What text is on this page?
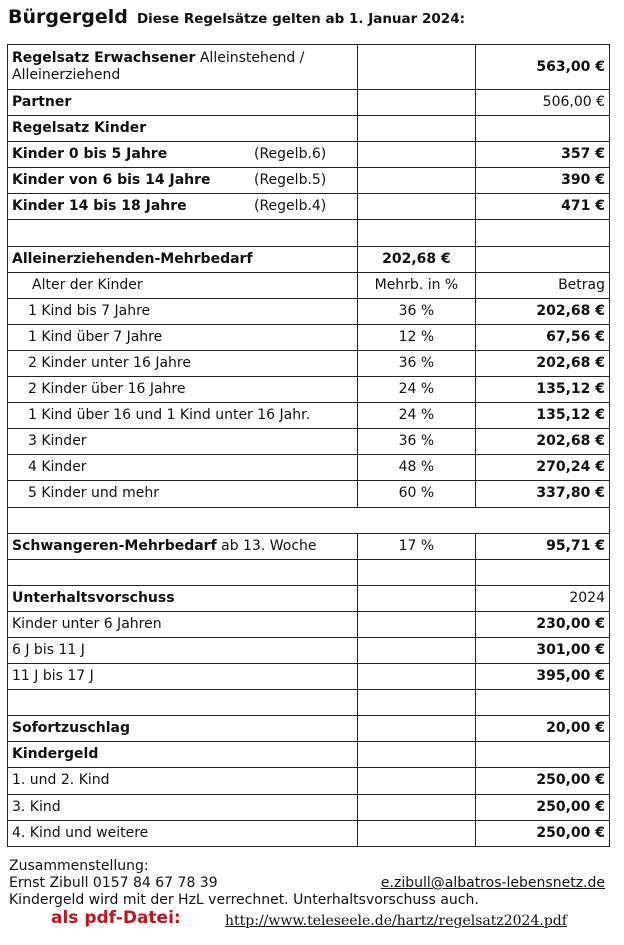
Bürgergeld Diese Regelsätze gelten ab 1. Januar 2024:
Regelsatz Erwachsener Alleinstehend / Alleinerziehend		563,00 €
Partner		506,00 €
Regelsatz Kinder		
Kinder 0 bis 5 Jahre (Regelb.6)		357 €
Kinder von 6 bis 14 Jahre (Regelb.5)		390 €
Kinder 14 bis 18 Jahre (Regelb.4)		471 €

Alleinerziehenden-Mehrbedarf	202,68 €	
Alter der Kinder	Mehrb. in %	Betrag
1 Kind bis 7 Jahre	36 %	202,68 €
1 Kind über 7 Jahre	12 %	67,56 €
2 Kinder unter 16 Jahre	36 %	202,68 €
2 Kinder über 16 Jahre	24 %	135,12 €
1 Kind über 16 und 1 Kind unter 16 Jahr.	24 %	135,12 €
3 Kinder	36 %	202,68 €
4 Kinder	48 %	270,24 €
5 Kinder und mehr	60 %	337,80 €

Schwangeren-Mehrbedarf ab 13. Woche	17 %	95,71 €

Unterhaltsvorschuss		2024
Kinder unter 6 Jahren		230,00 €
6 J bis 11 J		301,00 €
11 J bis 17 J		395,00 €

Sofortzuschlag		20,00 €
Kindergeld		
1. und 2. Kind		250,00 €
3. Kind		250,00 €
4. Kind und weitere		250,00 €
Zusammenstellung:
Ernst Zibull 0157 84 67 78 39	e.zibull@albatros-lebensnetz.de
Kindergeld wird mit der HzL verrechnet. Unterhaltsvorschuss auch.
als pdf-Datei:	http://www.teleseele.de/hartz/regelsatz2024.pdf
